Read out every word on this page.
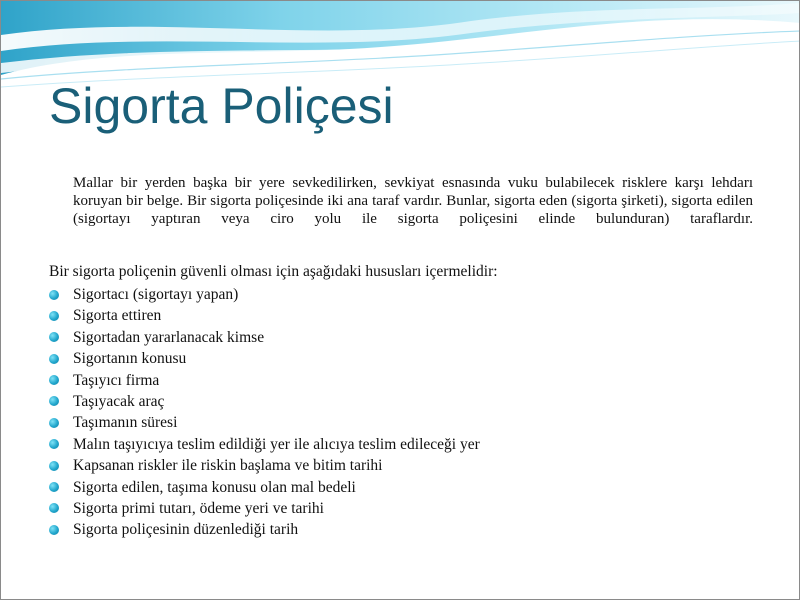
Sigorta Poliçesi

Mallar bir yerden başka bir yere sevkedilirken, sevkiyat esnasında vuku bulabilecek risklere karşı lehdarı koruyan bir belge. Bir sigorta poliçesinde iki ana taraf vardır. Bunlar, sigorta eden (sigorta şirketi), sigorta edilen (sigortayı yaptıran veya ciro yolu ile sigorta poliçesini elinde bulunduran) taraflardır.

Bir sigorta poliçenin güvenli olması için aşağıdaki hususları içermelidir:

Sigortacı (sigortayı yapan)
Sigorta ettiren
Sigortadan yararlanacak kimse
Sigortanın konusu
Taşıyıcı firma
Taşıyacak araç
Taşımanın süresi
Malın taşıyıcıya teslim edildiği yer ile alıcıya teslim edileceği yer
Kapsanan riskler ile riskin başlama ve bitim tarihi
Sigorta edilen, taşıma konusu olan mal bedeli
Sigorta primi tutarı, ödeme yeri ve tarihi
Sigorta poliçesinin düzenlediği tarih
